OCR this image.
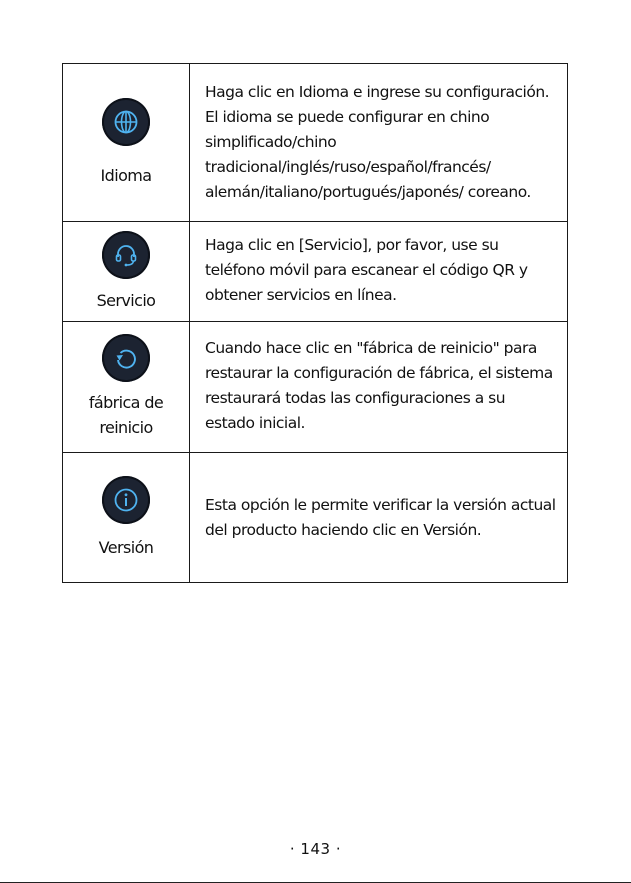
Idioma	Haga clic en Idioma e ingrese su configuración. El idioma se puede configurar en chino simplificado/chino tradicional/inglés/ruso/español/francés/ alemán/italiano/portugués/japonés/ coreano.

Servicio	Haga clic en [Servicio], por favor, use su teléfono móvil para escanear el código QR y obtener servicios en línea.

fábrica de reinicio	Cuando hace clic en "fábrica de reinicio" para restaurar la configuración de fábrica, el sistema restaurará todas las configuraciones a su estado inicial.

Versión	Esta opción le permite verificar la versión actual del producto haciendo clic en Versión.
· 143 ·
